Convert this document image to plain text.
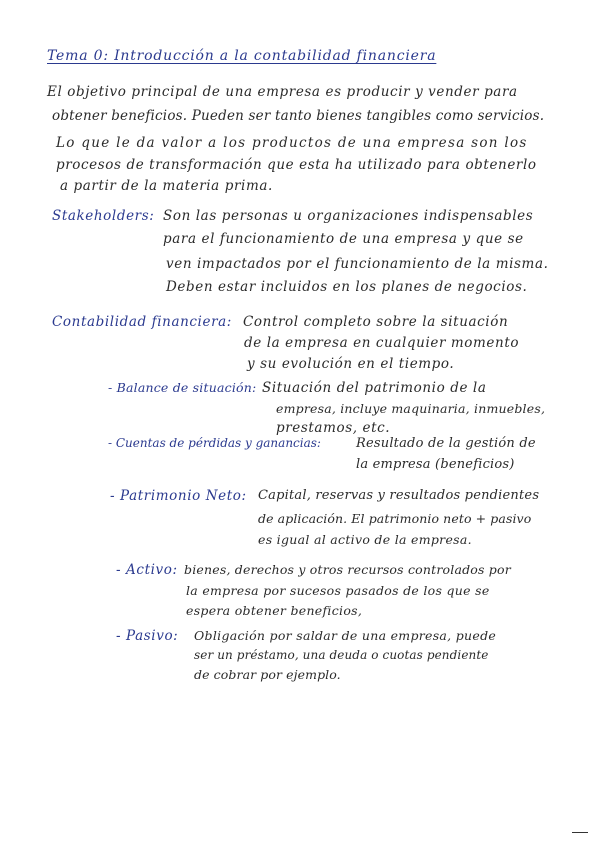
Tema 0: Introducción a la contabilidad financiera
El objetivo principal de una empresa es producir y vender para
obtener beneficios. Pueden ser tanto bienes tangibles como servicios.
Lo que le da valor a los productos de una empresa son los
procesos de transformación que esta ha utilizado para obtenerlo
a partir de la materia prima.
Stakeholders: Son las personas u organizaciones indispensables
para el funcionamiento de una empresa y que se
ven impactados por el funcionamiento de la misma.
Deben estar incluidos en los planes de negocios.
Contabilidad financiera: Control completo sobre la situación
de la empresa en cualquier momento
y su evolución en el tiempo.
- Balance de situación: Situación del patrimonio de la
empresa, incluye maquinaria, inmuebles,
prestamos, etc.
- Cuentas de pérdidas y ganancias:	Resultado de la gestión de
la empresa (beneficios)
- Patrimonio Neto: Capital, reservas y resultados pendientes
de aplicación. El patrimonio neto + pasivo
es igual al activo de la empresa.
- Activo: bienes, derechos y otros recursos controlados por
la empresa por sucesos pasados de los que se
espera obtener beneficios,
- Pasivo: Obligación por saldar de una empresa, puede
ser un préstamo, una deuda o cuotas pendiente
de cobrar por ejemplo.
